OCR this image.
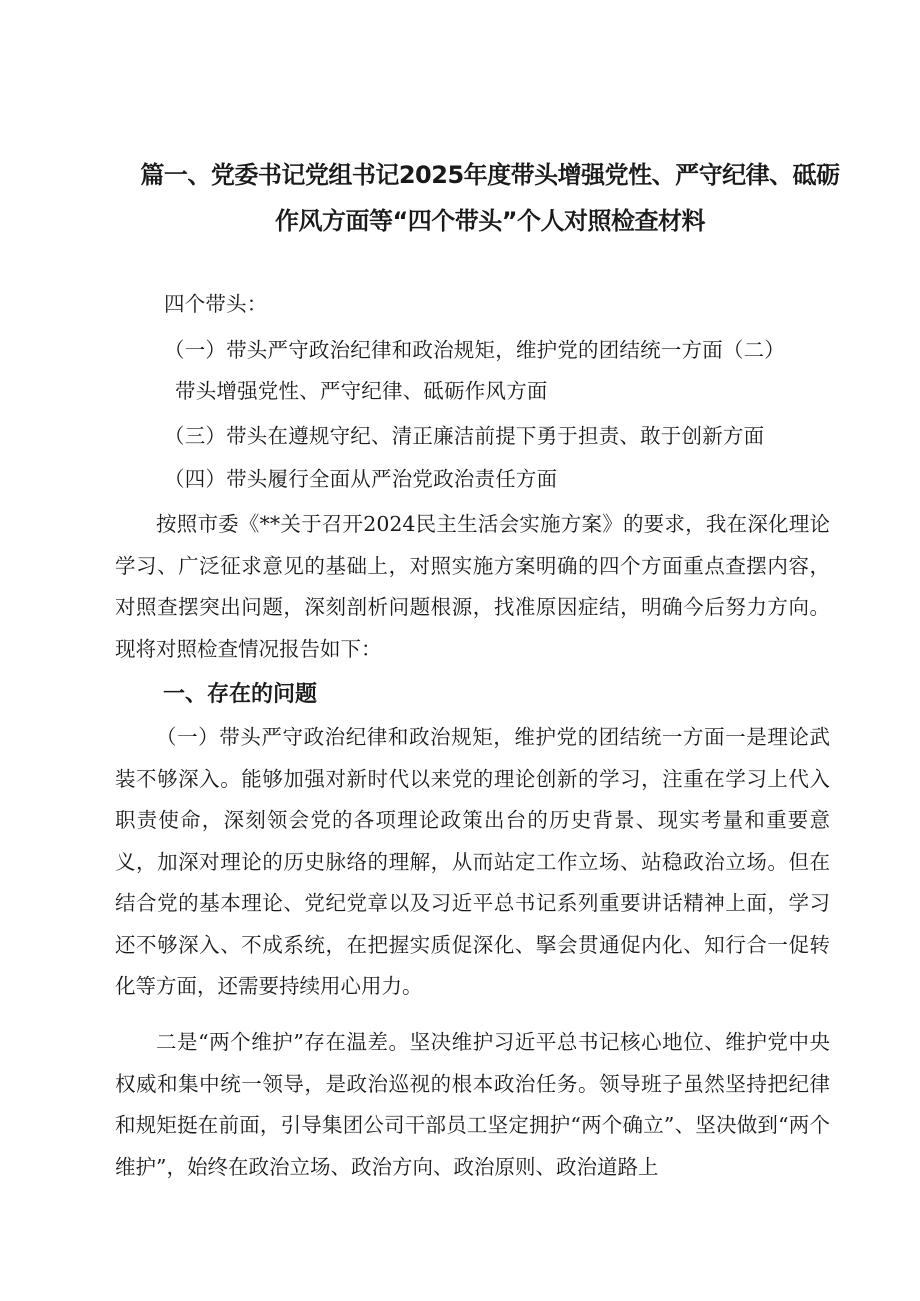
篇一、党委书记党组书记2025年度带头增强党性、严守纪律、砥砺
作风方面等“四个带头”个人对照检查材料
四个带头：
（一）带头严守政治纪律和政治规矩，维护党的团结统一方面（二）
带头增强党性、严守纪律、砥砺作风方面
（三）带头在遵规守纪、清正廉洁前提下勇于担责、敢于创新方面
（四）带头履行全面从严治党政治责任方面
按照市委《**关于召开2024民主生活会实施方案》的要求，我在深化理论学习、广泛征求意见的基础上，对照实施方案明确的四个方面重点查摆内容，对照查摆突出问题，深刻剖析问题根源，找准原因症结，明确今后努力方向。现将对照检查情况报告如下：
一、存在的问题
（一）带头严守政治纪律和政治规矩，维护党的团结统一方面一是理论武装不够深入。能够加强对新时代以来党的理论创新的学习，注重在学习上代入职责使命，深刻领会党的各项理论政策出台的历史背景、现实考量和重要意义，加深对理论的历史脉络的理解，从而站定工作立场、站稳政治立场。但在结合党的基本理论、党纪党章以及习近平总书记系列重要讲话精神上面，学习还不够深入、不成系统，在把握实质促深化、掔会贯通促内化、知行合一促转化等方面，还需要持续用心用力。
二是“两个维护”存在温差。坚决维护习近平总书记核心地位、维护党中央权威和集中统一领导，是政治巡视的根本政治任务。领导班子虽然坚持把纪律和规矩挺在前面，引导集团公司干部员工坚定拥护“两个确立”、坚决做到“两个维护”，始终在政治立场、政治方向、政治原则、政治道路上
